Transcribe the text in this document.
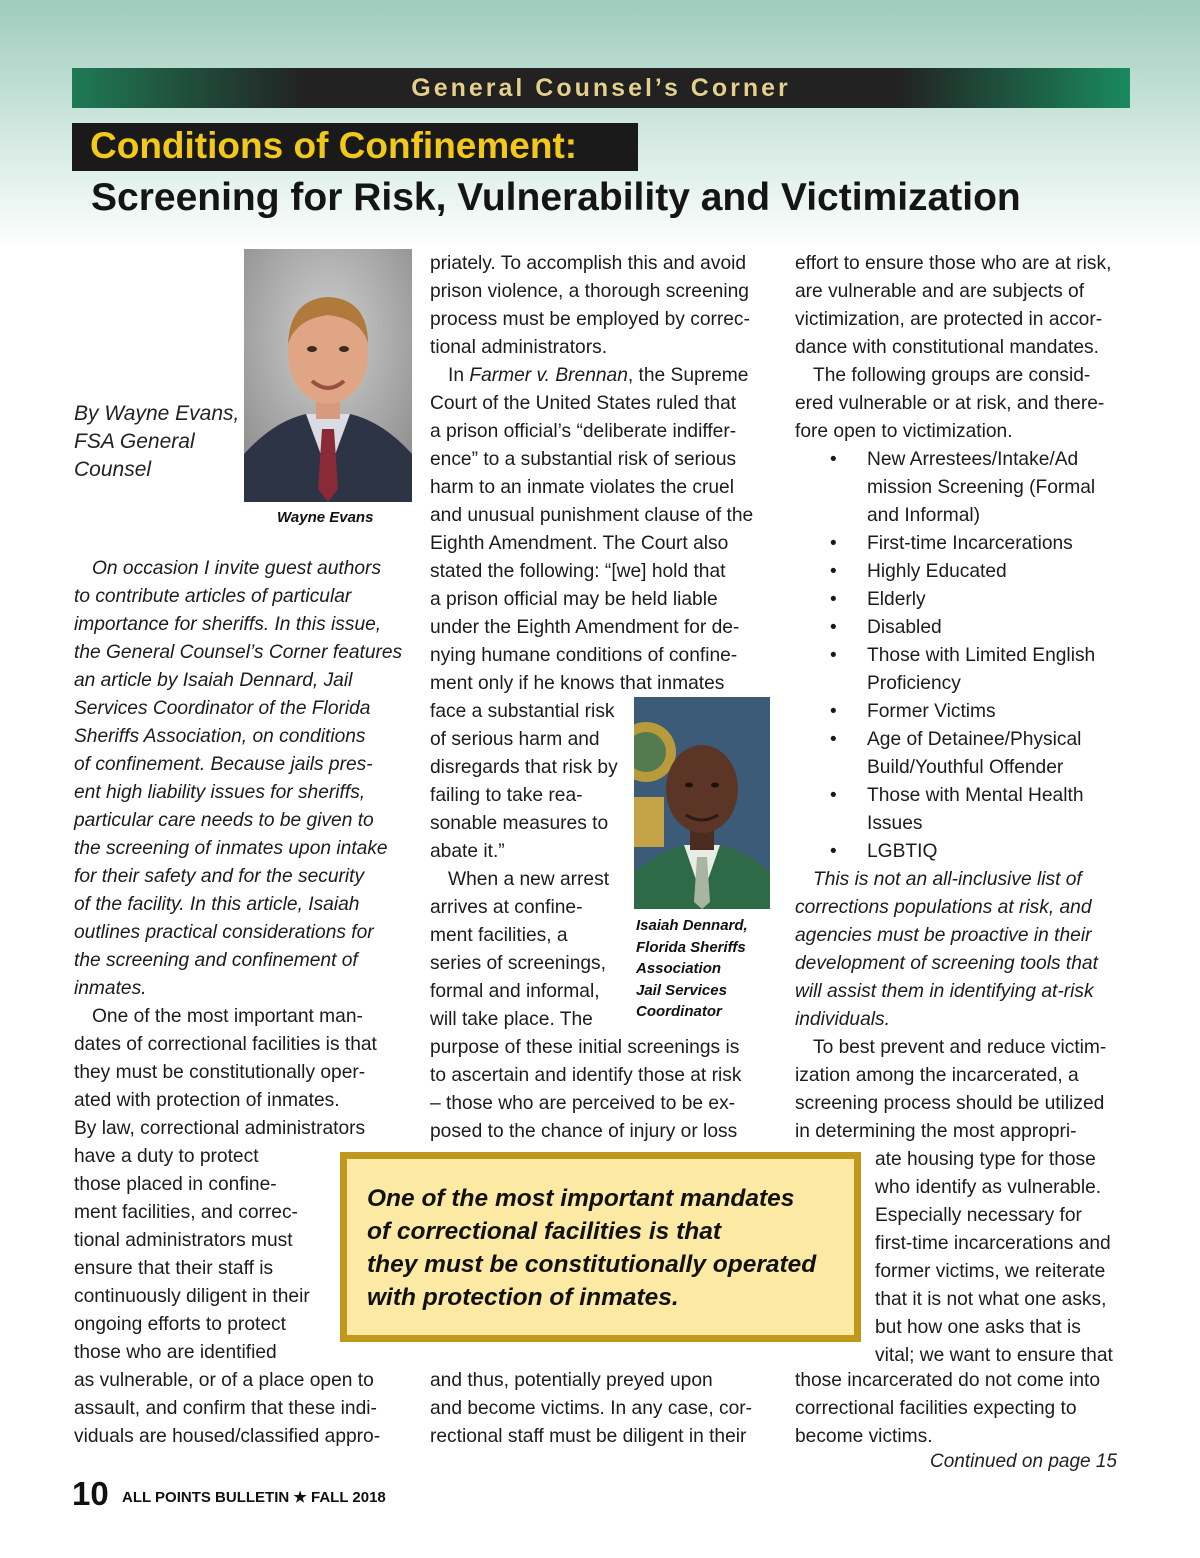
General Counsel’s Corner
Conditions of Confinement:
Screening for Risk, Vulnerability and Victimization
By Wayne Evans,
FSA General
Counsel
Wayne Evans
Isaiah Dennard,
Florida Sheriffs
Association
Jail Services
Coordinator
On occasion I invite guest authors
to contribute articles of particular
importance for sheriffs. In this issue,
the General Counsel’s Corner features
an article by Isaiah Dennard, Jail
Services Coordinator of the Florida
Sheriffs Association, on conditions
of confinement. Because jails pres-
ent high liability issues for sheriffs,
particular care needs to be given to
the screening of inmates upon intake
for their safety and for the security
of the facility. In this article, Isaiah
outlines practical considerations for
the screening and confinement of
inmates.
One of the most important man-
dates of correctional facilities is that
they must be constitutionally oper-
ated with protection of inmates.
By law, correctional administrators
have a duty to protect
those placed in confine-
ment facilities, and correc-
tional administrators must
ensure that their staff is
continuously diligent in their
ongoing efforts to protect
those who are identified
as vulnerable, or of a place open to
assault, and confirm that these indi-
viduals are housed/classified appro-
priately. To accomplish this and avoid
prison violence, a thorough screening
process must be employed by correc-
tional administrators.
In Farmer v. Brennan, the Supreme
Court of the United States ruled that
a prison official’s “deliberate indiffer-
ence” to a substantial risk of serious
harm to an inmate violates the cruel
and unusual punishment clause of the
Eighth Amendment. The Court also
stated the following: “[we] hold that
a prison official may be held liable
under the Eighth Amendment for de-
nying humane conditions of confine-
ment only if he knows that inmates
face a substantial risk
of serious harm and
disregards that risk by
failing to take rea-
sonable measures to
abate it.”
When a new arrest
arrives at confine-
ment facilities, a
series of screenings,
formal and informal,
will take place. The
purpose of these initial screenings is
to ascertain and identify those at risk
– those who are perceived to be ex-
posed to the chance of injury or loss
and thus, potentially preyed upon
and become victims. In any case, cor-
rectional staff must be diligent in their
effort to ensure those who are at risk,
are vulnerable and are subjects of
victimization, are protected in accor-
dance with constitutional mandates.
The following groups are consid-
ered vulnerable or at risk, and there-
fore open to victimization.
• New Arrestees/Intake/Ad
mission Screening (Formal
and Informal)
• First-time Incarcerations
• Highly Educated
• Elderly
• Disabled
• Those with Limited English
Proficiency
• Former Victims
• Age of Detainee/Physical
Build/Youthful Offender
• Those with Mental Health
Issues
• LGBTIQ
This is not an all-inclusive list of
corrections populations at risk, and
agencies must be proactive in their
development of screening tools that
will assist them in identifying at-risk
individuals.
To best prevent and reduce victim-
ization among the incarcerated, a
screening process should be utilized
in determining the most appropri-
ate housing type for those
who identify as vulnerable.
Especially necessary for
first-time incarcerations and
former victims, we reiterate
that it is not what one asks,
but how one asks that is
vital; we want to ensure that
those incarcerated do not come into
correctional facilities expecting to
become victims.
One of the most important mandates
of correctional facilities is that
they must be constitutionally operated
with protection of inmates.
Continued on page 15
10 ALL POINTS BULLETIN ★ FALL 2018
